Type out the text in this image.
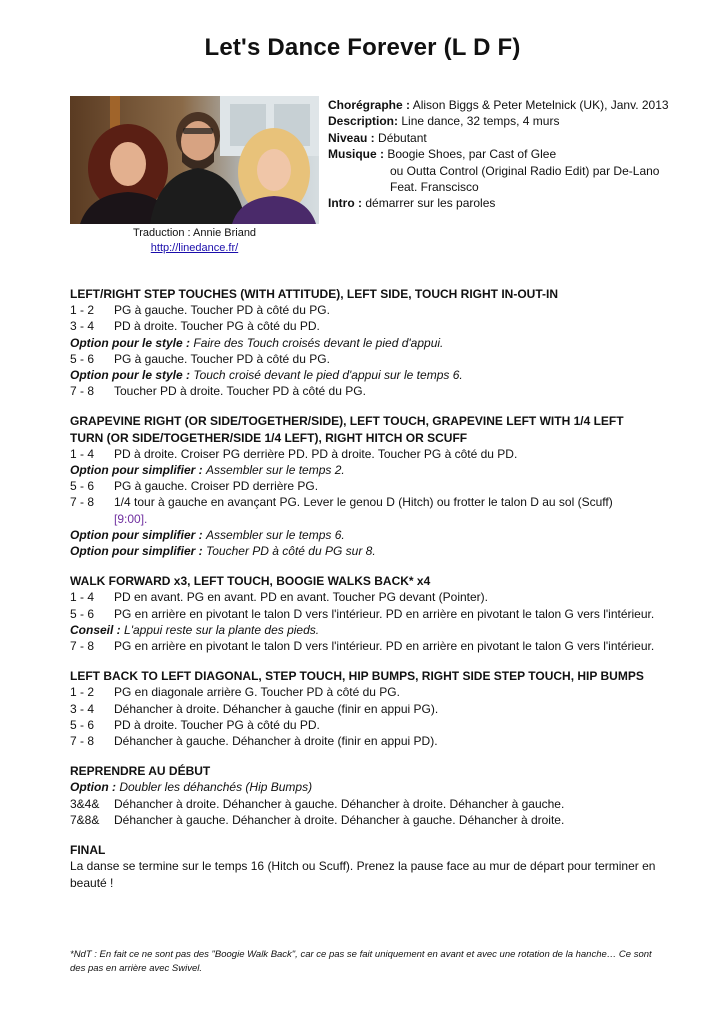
Let's Dance Forever (L D F)
Traduction : Annie Briand
http://linedance.fr/
Chorégraphe : Alison Biggs & Peter Metelnick (UK), Janv. 2013
Description: Line dance, 32 temps, 4 murs
Niveau : Débutant
Musique : Boogie Shoes, par Cast of Glee
ou Outta Control (Original Radio Edit) par De-Lano
Feat. Franscisco
Intro : démarrer sur les paroles
LEFT/RIGHT STEP TOUCHES (WITH ATTITUDE), LEFT SIDE, TOUCH RIGHT IN-OUT-IN
1 - 2	PG à gauche. Toucher PD à côté du PG.
3 - 4	PD à droite. Toucher PG à côté du PD.
Option pour le style : Faire des Touch croisés devant le pied d'appui.
5 - 6	PG à gauche. Toucher PD à côté du PG.
Option pour le style : Touch croisé devant le pied d'appui sur le temps 6.
7 - 8	Toucher PD à droite. Toucher PD à côté du PG.
GRAPEVINE RIGHT (OR SIDE/TOGETHER/SIDE), LEFT TOUCH, GRAPEVINE LEFT WITH 1/4 LEFT TURN (OR SIDE/TOGETHER/SIDE 1/4 LEFT), RIGHT HITCH OR SCUFF
1 - 4	PD à droite. Croiser PG derrière PD. PD à droite. Toucher PG à côté du PD.
Option pour simplifier : Assembler sur le temps 2.
5 - 6	PG à gauche. Croiser PD derrière PG.
7 - 8	1/4 tour à gauche en avançant PG. Lever le genou D (Hitch) ou frotter le talon D au sol (Scuff)
[9:00].
Option pour simplifier : Assembler sur le temps 6.
Option pour simplifier : Toucher PD à côté du PG sur 8.
WALK FORWARD x3, LEFT TOUCH, BOOGIE WALKS BACK* x4
1 - 4	PD en avant. PG en avant. PD en avant. Toucher PG devant (Pointer).
5 - 6	PG en arrière en pivotant le talon D vers l'intérieur. PD en arrière en pivotant le talon G vers l'intérieur.
Conseil : L'appui reste sur la plante des pieds.
7 - 8	PG en arrière en pivotant le talon D vers l'intérieur. PD en arrière en pivotant le talon G vers l'intérieur.
LEFT BACK TO LEFT DIAGONAL, STEP TOUCH, HIP BUMPS, RIGHT SIDE STEP TOUCH, HIP BUMPS
1 - 2	PG en diagonale arrière G. Toucher PD à côté du PG.
3 - 4	Déhancher à droite. Déhancher à gauche (finir en appui PG).
5 - 6	PD à droite. Toucher PG à côté du PD.
7 - 8	Déhancher à gauche. Déhancher à droite (finir en appui PD).
REPRENDRE AU DÉBUT
Option : Doubler les déhanchés (Hip Bumps)
3&4&	Déhancher à droite. Déhancher à gauche. Déhancher à droite. Déhancher à gauche.
7&8&	Déhancher à gauche. Déhancher à droite. Déhancher à gauche. Déhancher à droite.
FINAL

La danse se termine sur le temps 16 (Hitch ou Scuff). Prenez la pause face au mur de départ pour terminer en beauté !

*NdT : En fait ce ne sont pas des "Boogie Walk Back", car ce pas se fait uniquement en avant et avec une rotation de la hanche… Ce sont des pas en arrière avec Swivel.
